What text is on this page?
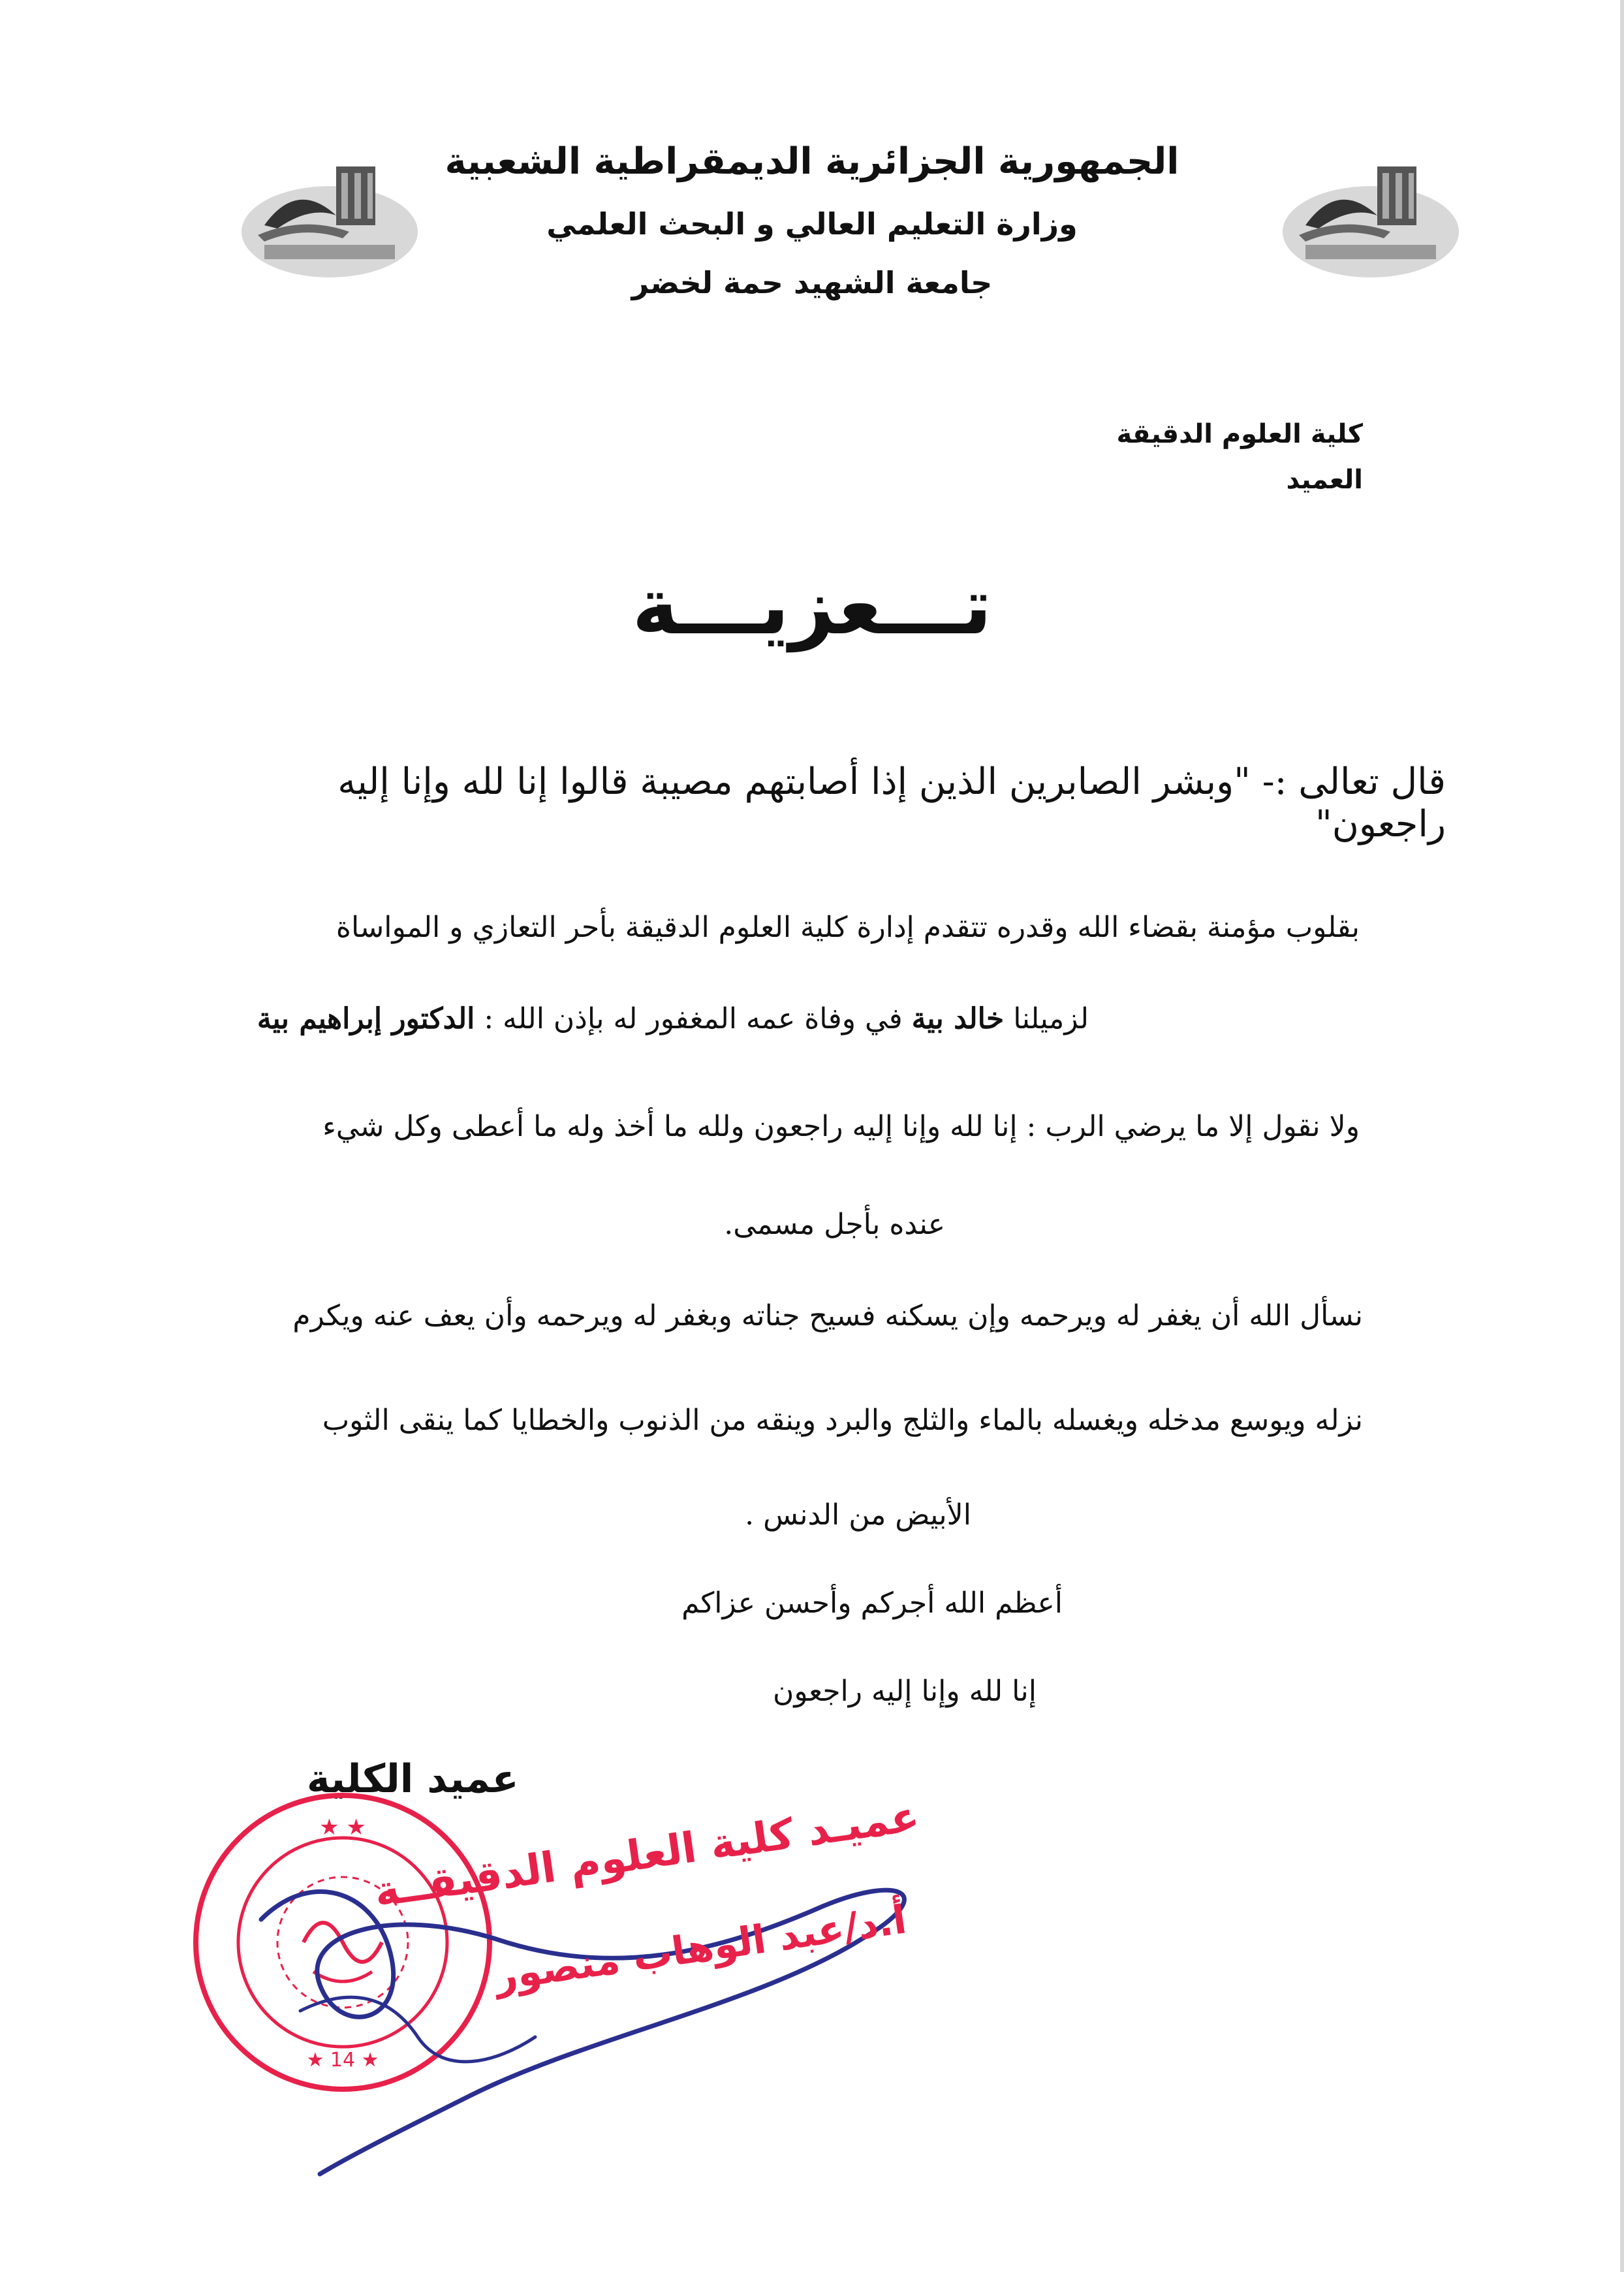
الجمهورية الجزائرية الديمقراطية الشعبية
وزارة التعليم العالي و البحث العلمي
جامعة الشهيد حمة لخضر
كلية العلوم الدقيقة
العميد
تـــعزيـــة
قال تعالى :- "وبشر الصابرين الذين إذا أصابتهم مصيبة قالوا إنا لله وإنا إليه راجعون"
بقلوب مؤمنة بقضاء الله وقدره تتقدم إدارة كلية العلوم الدقيقة بأحر التعازي و المواساة
لزميلنا خالد بية في وفاة عمه المغفور له بإذن الله : الدكتور إبراهيم بية
ولا نقول إلا ما يرضي الرب : إنا لله وإنا إليه راجعون ولله ما أخذ وله ما أعطى وكل شيء
عنده بأجل مسمى.
نسأل الله أن يغفر له ويرحمه وإن يسكنه فسيح جناته وبغفر له ويرحمه وأن يعف عنه ويكرم
نزله ويوسع مدخله ويغسله بالماء والثلج والبرد وينقه من الذنوب والخطايا كما ينقى الثوب
الأبيض من الدنس .
أعظم الله أجركم وأحسن عزاكم
إنا لله وإنا إليه راجعون
عميد الكلية
★ ★
★ 14 ★
عميـد كلية العلوم الدقيقــة
أ.د/عبد الوهاب منصور
